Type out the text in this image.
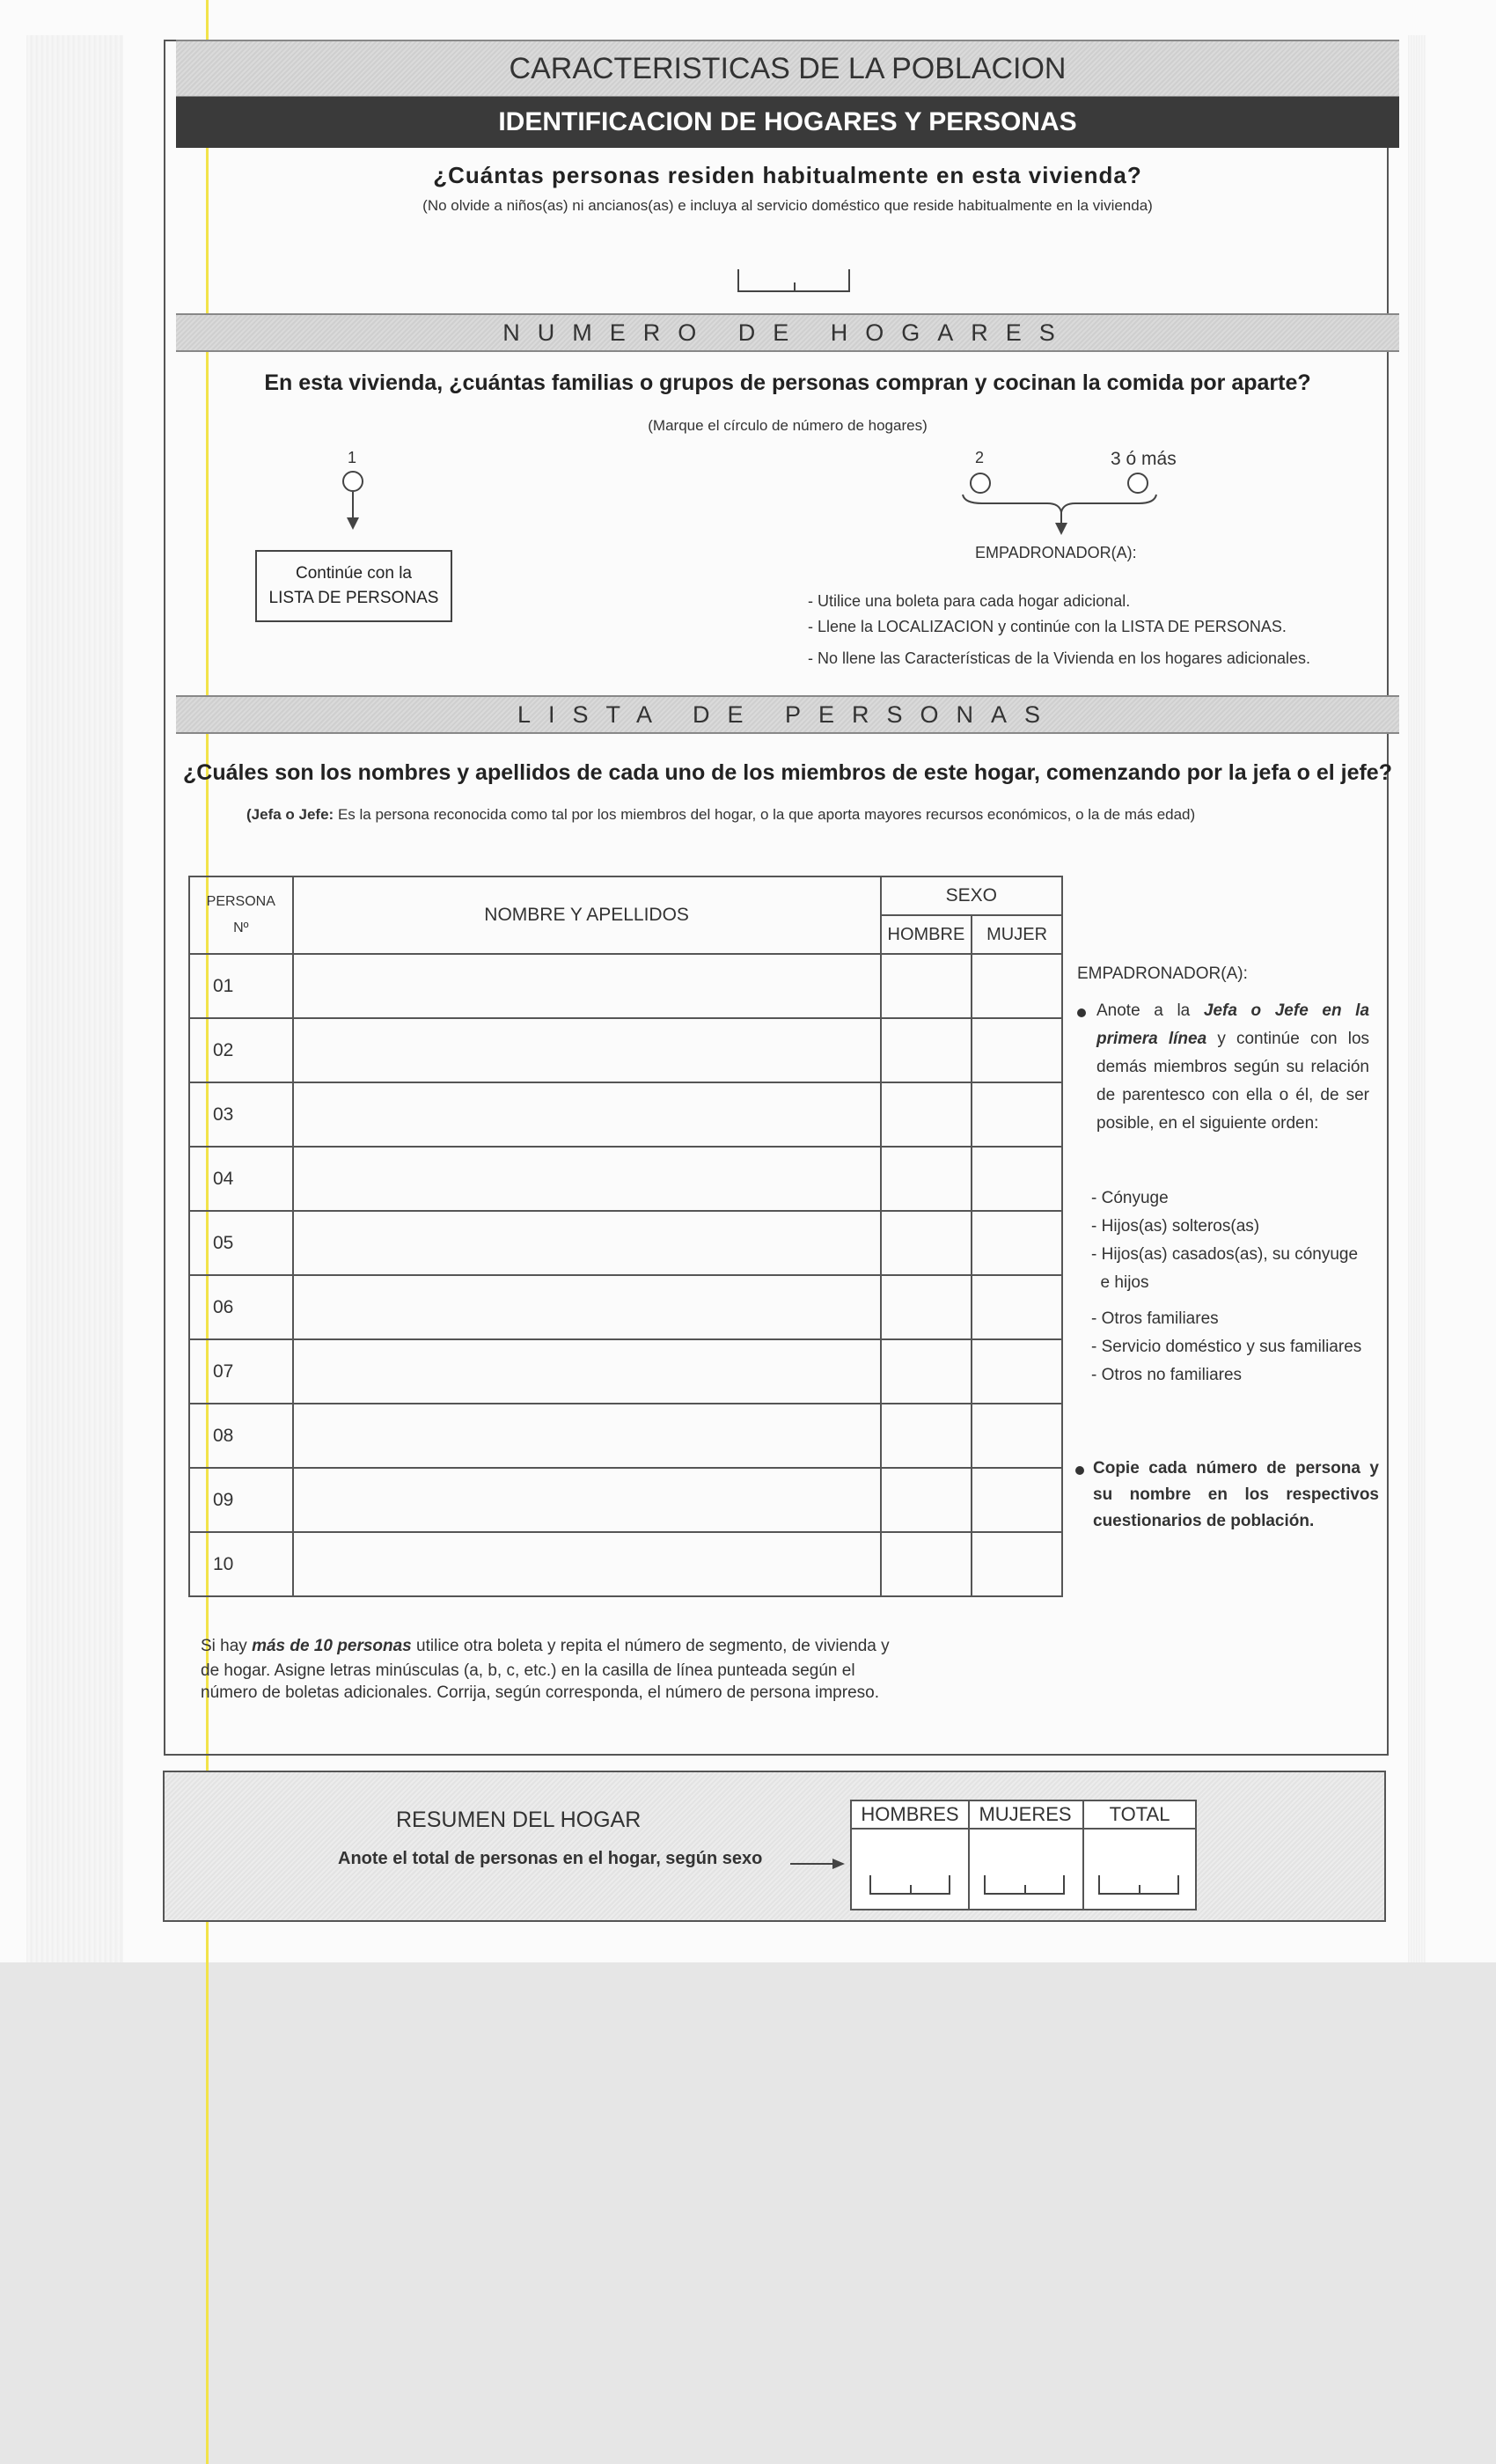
CARACTERISTICAS DE LA POBLACION
IDENTIFICACION DE HOGARES Y PERSONAS
¿Cuántas personas residen habitualmente en esta vivienda?
(No olvide a niños(as) ni ancianos(as) e incluya al servicio doméstico que reside habitualmente en la vivienda)
NUMERO DE HOGARES
En esta vivienda, ¿cuántas familias o grupos de personas compran y cocinan la comida por aparte?
(Marque el círculo de número de hogares)
1
Continúe con la
LISTA DE PERSONAS
2	3 ó más
EMPADRONADOR(A):
- Utilice una boleta para cada hogar adicional.
- Llene la LOCALIZACION y continúe con la LISTA DE PERSONAS.
- No llene las Características de la Vivienda en los hogares adicionales.
LISTA DE PERSONAS
¿Cuáles son los nombres y apellidos de cada uno de los miembros de este hogar, comenzando por la jefa o el jefe?
(Jefa o Jefe: Es la persona reconocida como tal por los miembros del hogar, o la que aporta mayores recursos económicos, o la de más edad)
PERSONA
Nº	NOMBRE Y APELLIDOS	SEXO	
		HOMBRE	MUJER
01			
02			
03			
04			
05			
06			
07			
08			
09			
10			
EMPADRONADOR(A):
Anote a la Jefa o Jefe en la primera línea y continúe con los demás miembros según su relación de parentesco con ella o él, de ser posible, en el siguiente orden:
- Cónyuge
- Hijos(as) solteros(as)
- Hijos(as) casados(as), su cónyuge
e hijos
- Otros familiares
- Servicio doméstico y sus familiares
- Otros no familiares
Copie cada número de persona y su nombre en los respectivos cuestionarios de población.
Si hay más de 10 personas utilice otra boleta y repita el número de segmento, de vivienda y
de hogar. Asigne letras minúsculas (a, b, c, etc.) en la casilla de línea punteada según el
número de boletas adicionales. Corrija, según corresponda, el número de persona impreso.
RESUMEN DEL HOGAR
Anote el total de personas en el hogar, según sexo
HOMBRES	MUJERES	TOTAL
